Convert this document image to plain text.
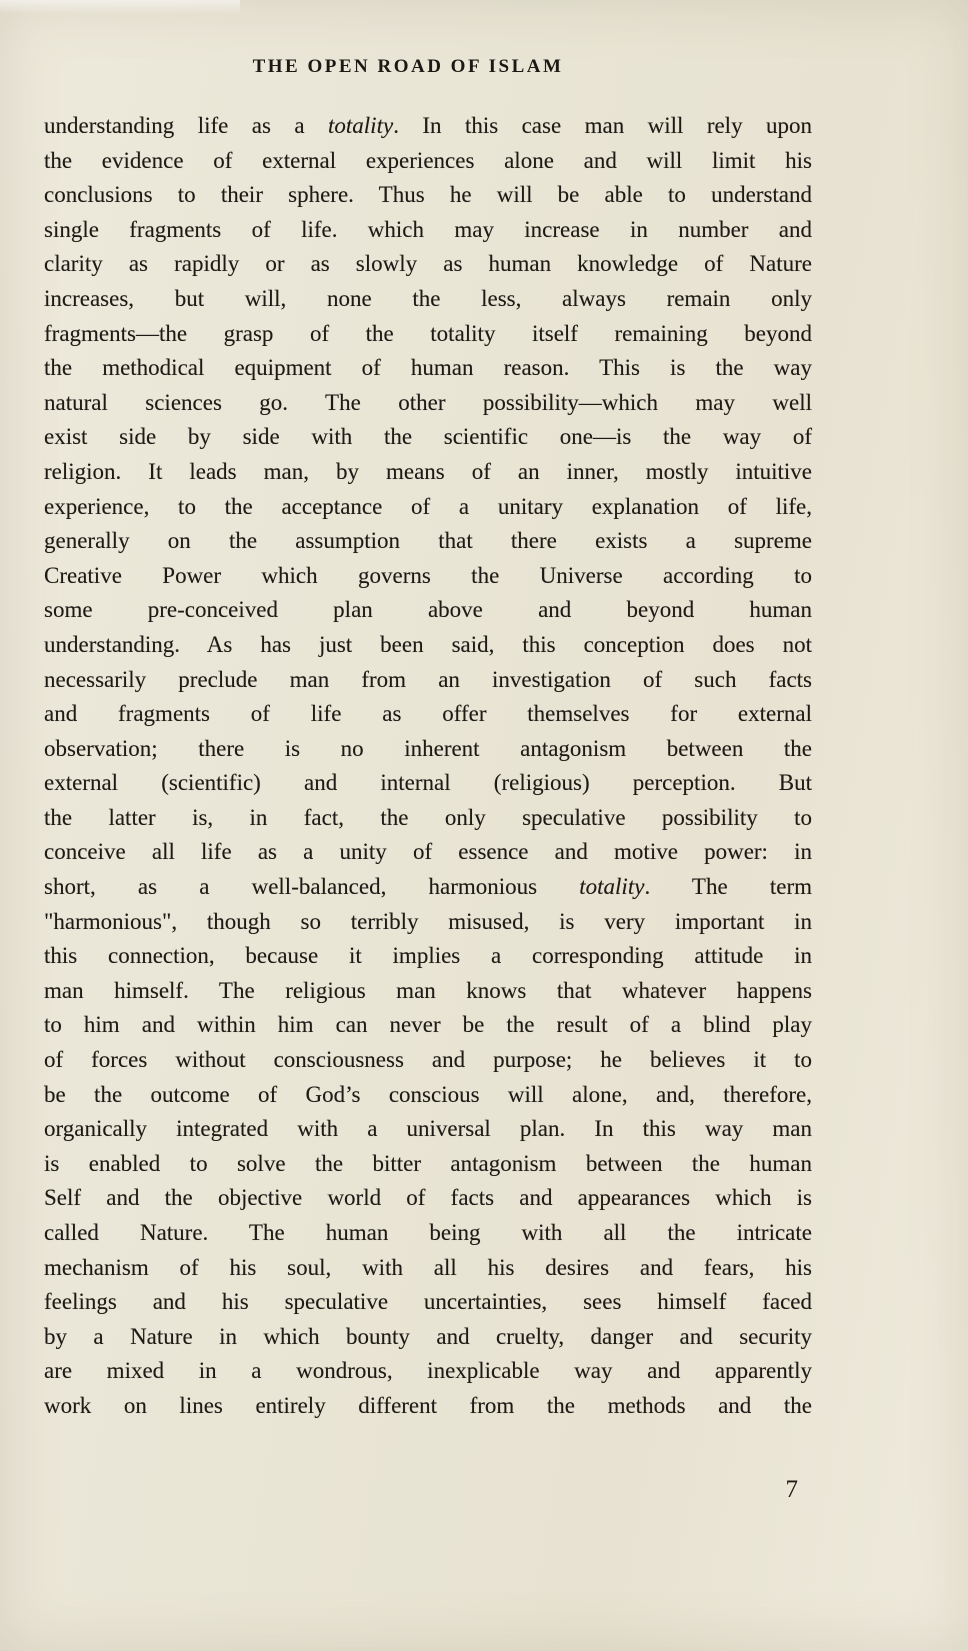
THE OPEN ROAD OF ISLAM
understanding life as a totality. In this case man will rely upon
the evidence of external experiences alone and will limit his
conclusions to their sphere. Thus he will be able to understand
single fragments of life. which may increase in number and
clarity as rapidly or as slowly as human knowledge of Nature
increases, but will, none the less, always remain only
fragments—the grasp of the totality itself remaining beyond
the methodical equipment of human reason. This is the way
natural sciences go. The other possibility—which may well
exist side by side with the scientific one—is the way of
religion. It leads man, by means of an inner, mostly intuitive
experience, to the acceptance of a unitary explanation of life,
generally on the assumption that there exists a supreme
Creative Power which governs the Universe according to
some pre-conceived plan above and beyond human
understanding. As has just been said, this conception does not
necessarily preclude man from an investigation of such facts
and fragments of life as offer themselves for external
observation; there is no inherent antagonism between the
external (scientific) and internal (religious) perception. But
the latter is, in fact, the only speculative possibility to
conceive all life as a unity of essence and motive power: in
short, as a well-balanced, harmonious totality. The term
"harmonious", though so terribly misused, is very important in
this connection, because it implies a corresponding attitude in
man himself. The religious man knows that whatever happens
to him and within him can never be the result of a blind play
of forces without consciousness and purpose; he believes it to
be the outcome of God’s conscious will alone, and, therefore,
organically integrated with a universal plan. In this way man
is enabled to solve the bitter antagonism between the human
Self and the objective world of facts and appearances which is
called Nature. The human being with all the intricate
mechanism of his soul, with all his desires and fears, his
feelings and his speculative uncertainties, sees himself faced
by a Nature in which bounty and cruelty, danger and security
are mixed in a wondrous, inexplicable way and apparently
work on lines entirely different from the methods and the
7
